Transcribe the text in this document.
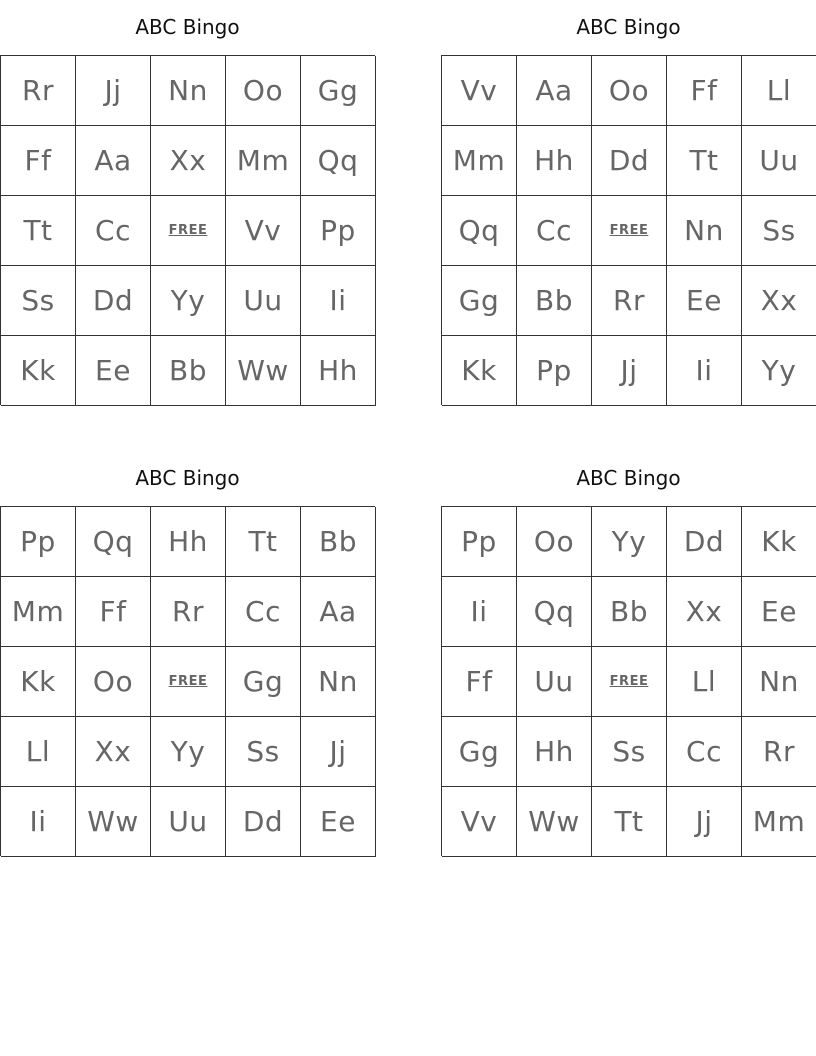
ABC Bingo
Rr	Jj	Nn	Oo	Gg
Ff	Aa	Xx	Mm	Qq
Tt	Cc	FREE	Vv	Pp
Ss	Dd	Yy	Uu	Ii
Kk	Ee	Bb	Ww	Hh
ABC Bingo
Vv	Aa	Oo	Ff	Ll
Mm	Hh	Dd	Tt	Uu
Qq	Cc	FREE	Nn	Ss
Gg	Bb	Rr	Ee	Xx
Kk	Pp	Jj	Ii	Yy
ABC Bingo
Pp	Qq	Hh	Tt	Bb
Mm	Ff	Rr	Cc	Aa
Kk	Oo	FREE	Gg	Nn
Ll	Xx	Yy	Ss	Jj
Ii	Ww	Uu	Dd	Ee
ABC Bingo
Pp	Oo	Yy	Dd	Kk
Ii	Qq	Bb	Xx	Ee
Ff	Uu	FREE	Ll	Nn
Gg	Hh	Ss	Cc	Rr
Vv	Ww	Tt	Jj	Mm
